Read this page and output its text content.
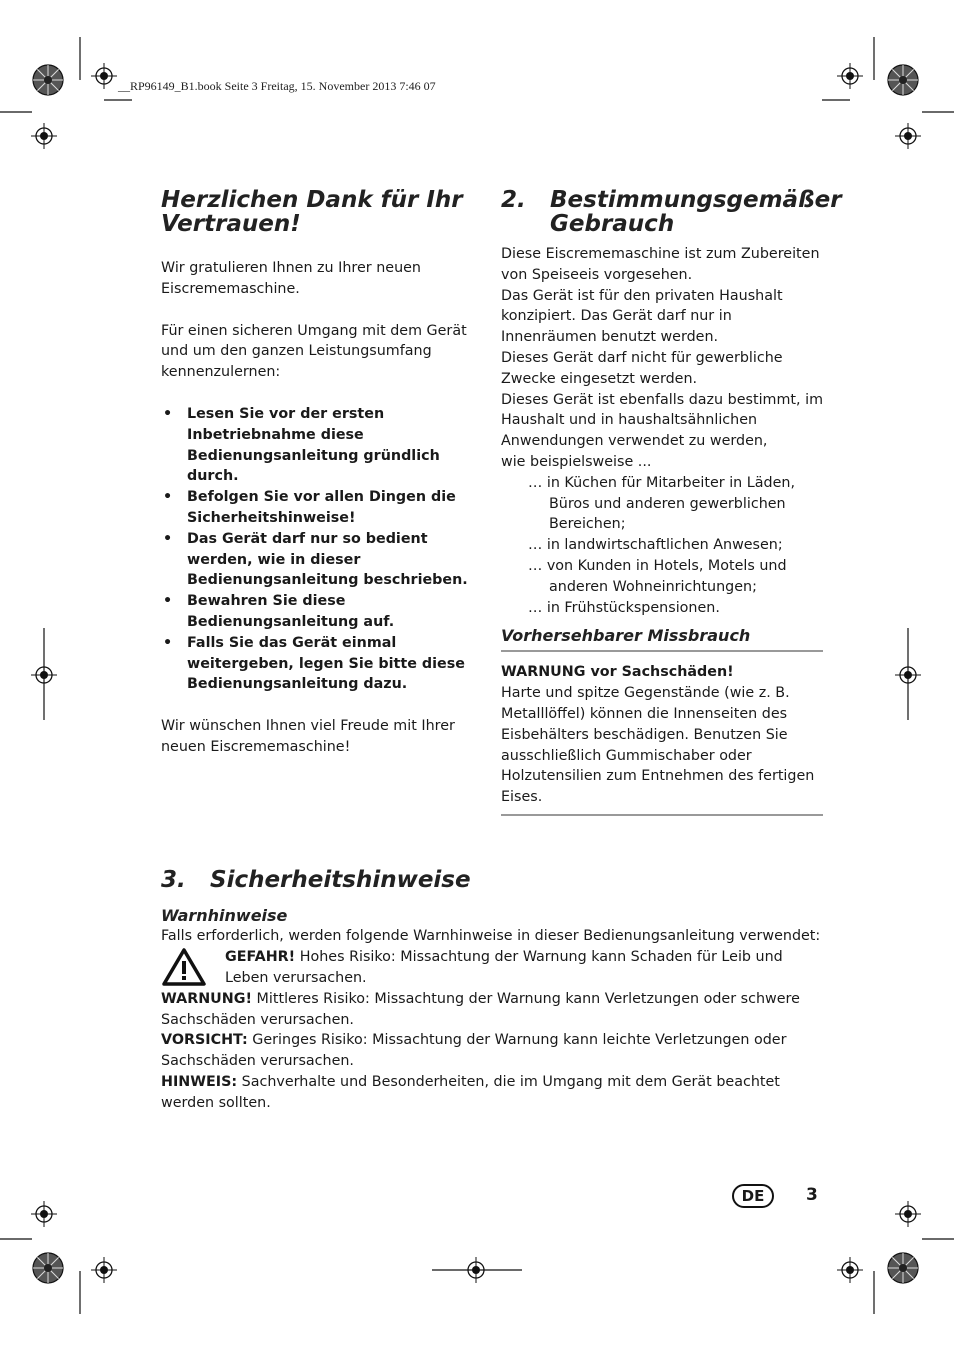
__RP96149_B1.book Seite 3 Freitag, 15. November 2013 7:46 07
Herzlichen Dank für Ihr Vertrauen!

Wir gratulieren Ihnen zu Ihrer neuen Eiscrememaschine.

Für einen sicheren Umgang mit dem Gerät und um den ganzen Leistungsumfang kennenzulernen:

• Lesen Sie vor der ersten Inbetriebnahme diese Bedienungsanleitung gründlich durch.
• Befolgen Sie vor allen Dingen die Sicherheitshinweise!
• Das Gerät darf nur so bedient werden, wie in dieser Bedienungsanleitung beschrieben.
• Bewahren Sie diese Bedienungsanleitung auf.
• Falls Sie das Gerät einmal weitergeben, legen Sie bitte diese Bedienungsanleitung dazu.

Wir wünschen Ihnen viel Freude mit Ihrer neuen Eiscrememaschine!

2. Bestimmungsgemäßer Gebrauch

Diese Eiscrememaschine ist zum Zubereiten von Speiseeis vorgesehen.

Das Gerät ist für den privaten Haushalt konzipiert. Das Gerät darf nur in Innenräumen benutzt werden.

Dieses Gerät darf nicht für gewerbliche Zwecke eingesetzt werden.

Dieses Gerät ist ebenfalls dazu bestimmt, im Haushalt und in haushaltsähnlichen Anwendungen verwendet zu werden,

wie beispielsweise ...

… in Küchen für Mitarbeiter in Läden, Büros und anderen gewerblichen Bereichen;
… in landwirtschaftlichen Anwesen;
… von Kunden in Hotels, Motels und anderen Wohneinrichtungen;
… in Frühstückspensionen.
Vorhersehbarer Missbrauch

WARNUNG vor Sachschäden!

Harte und spitze Gegenstände (wie z. B. Metalllöffel) können die Innenseiten des Eisbehälters beschädigen. Benutzen Sie ausschließlich Gummischaber oder Holzutensilien zum Entnehmen des fertigen Eises.

3. Sicherheitshinweise
Warnhinweise

Falls erforderlich, werden folgende Warnhinweise in dieser Bedienungsanleitung verwendet:

GEFAHR! Hohes Risiko: Missachtung der Warnung kann Schaden für Leib und Leben verursachen.

WARNUNG! Mittleres Risiko: Missachtung der Warnung kann Verletzungen oder schwere Sachschäden verursachen.

VORSICHT: Geringes Risiko: Missachtung der Warnung kann leichte Verletzungen oder Sachschäden verursachen.

HINWEIS: Sachverhalte und Besonderheiten, die im Umgang mit dem Gerät beachtet werden sollten.

DE	3
